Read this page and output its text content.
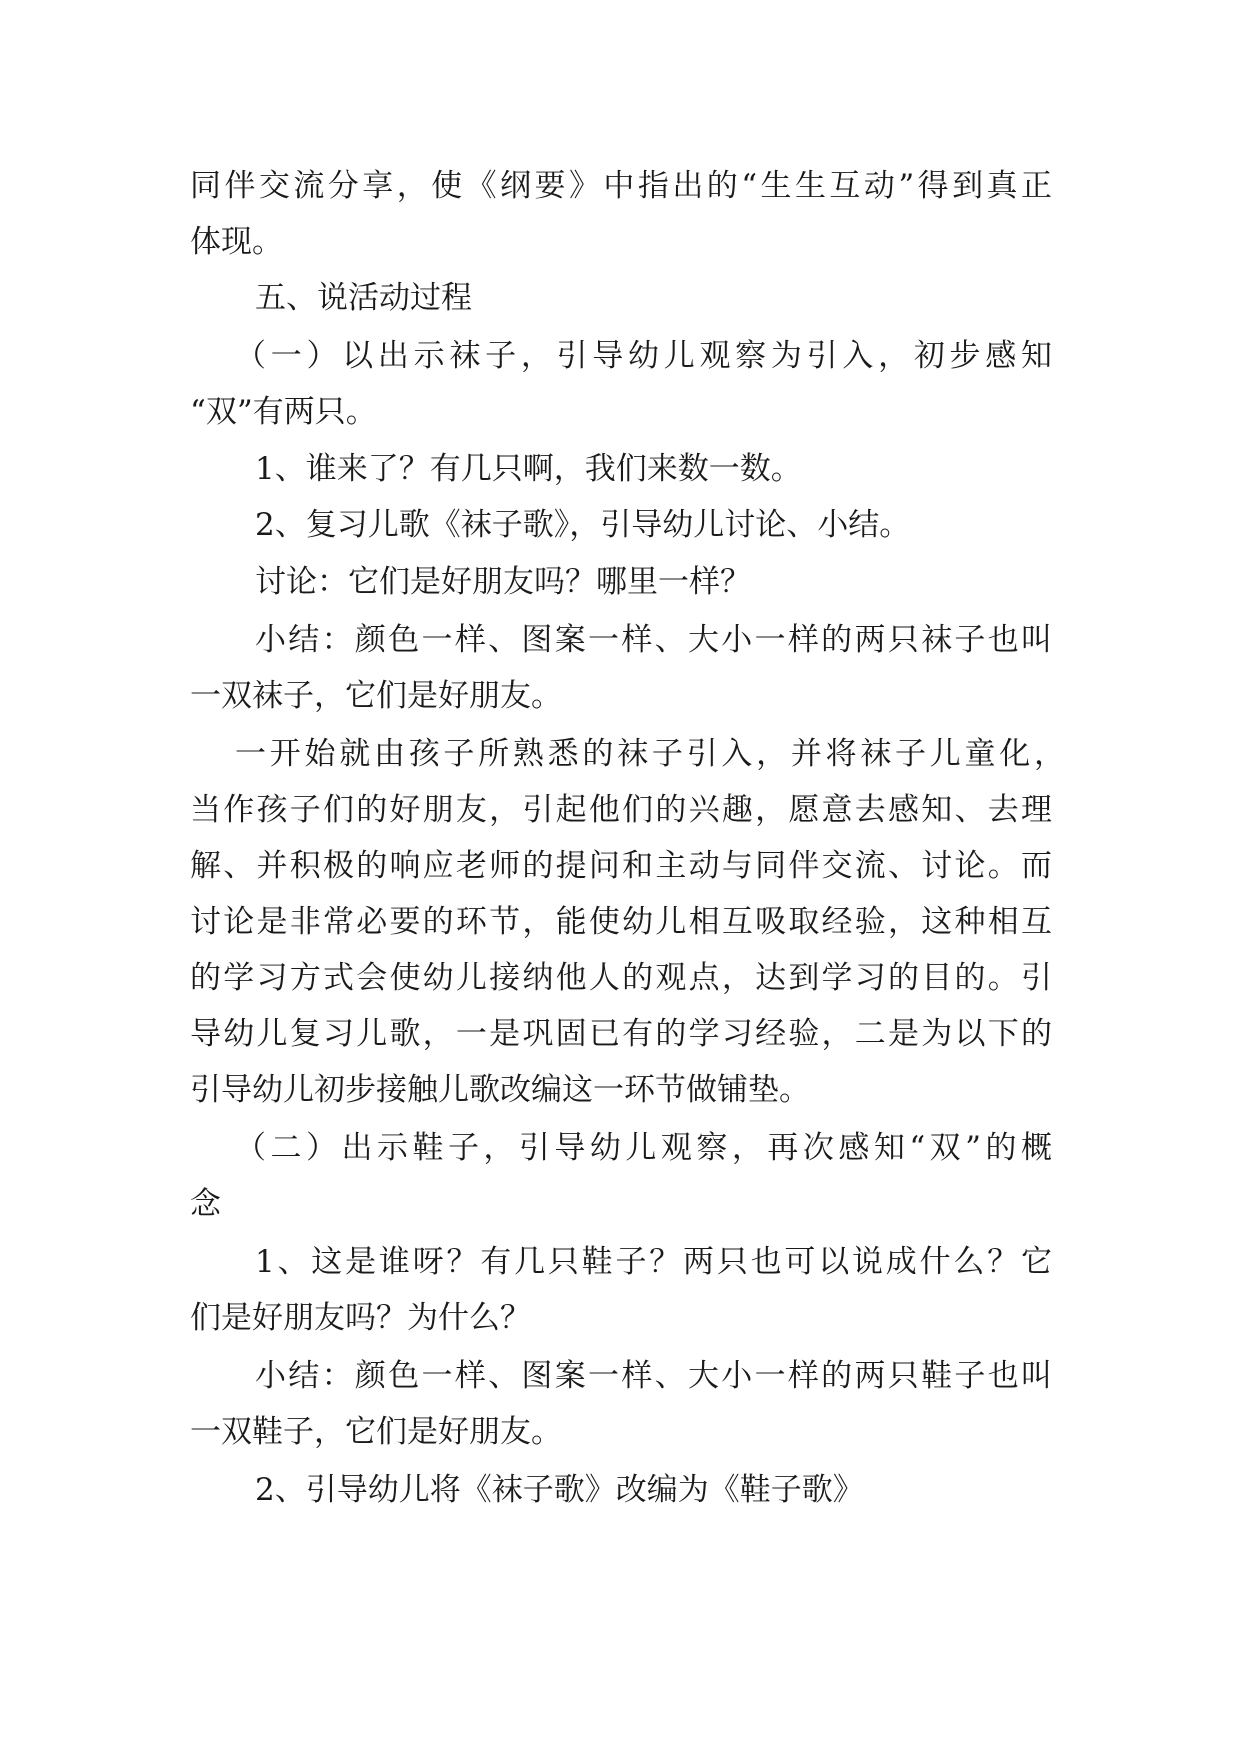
同伴交流分享，使《纲要》中指出的“生生互动”得到真正
体现。
五、说活动过程
（一）以出示袜子，引导幼儿观察为引入，初步感知
“双”有两只。
1、谁来了？有几只啊，我们来数一数。
2、复习儿歌《袜子歌》，引导幼儿讨论、小结。
讨论：它们是好朋友吗？哪里一样？
小结：颜色一样、图案一样、大小一样的两只袜子也叫
一双袜子，它们是好朋友。
一开始就由孩子所熟悉的袜子引入，并将袜子儿童化，
当作孩子们的好朋友，引起他们的兴趣，愿意去感知、去理
解、并积极的响应老师的提问和主动与同伴交流、讨论。而
讨论是非常必要的环节，能使幼儿相互吸取经验，这种相互
的学习方式会使幼儿接纳他人的观点，达到学习的目的。引
导幼儿复习儿歌，一是巩固已有的学习经验，二是为以下的
引导幼儿初步接触儿歌改编这一环节做铺垫。
（二）出示鞋子，引导幼儿观察，再次感知“双”的概
念
1、这是谁呀？有几只鞋子？两只也可以说成什么？它
们是好朋友吗？为什么？
小结：颜色一样、图案一样、大小一样的两只鞋子也叫
一双鞋子，它们是好朋友。
2、引导幼儿将《袜子歌》改编为《鞋子歌》
